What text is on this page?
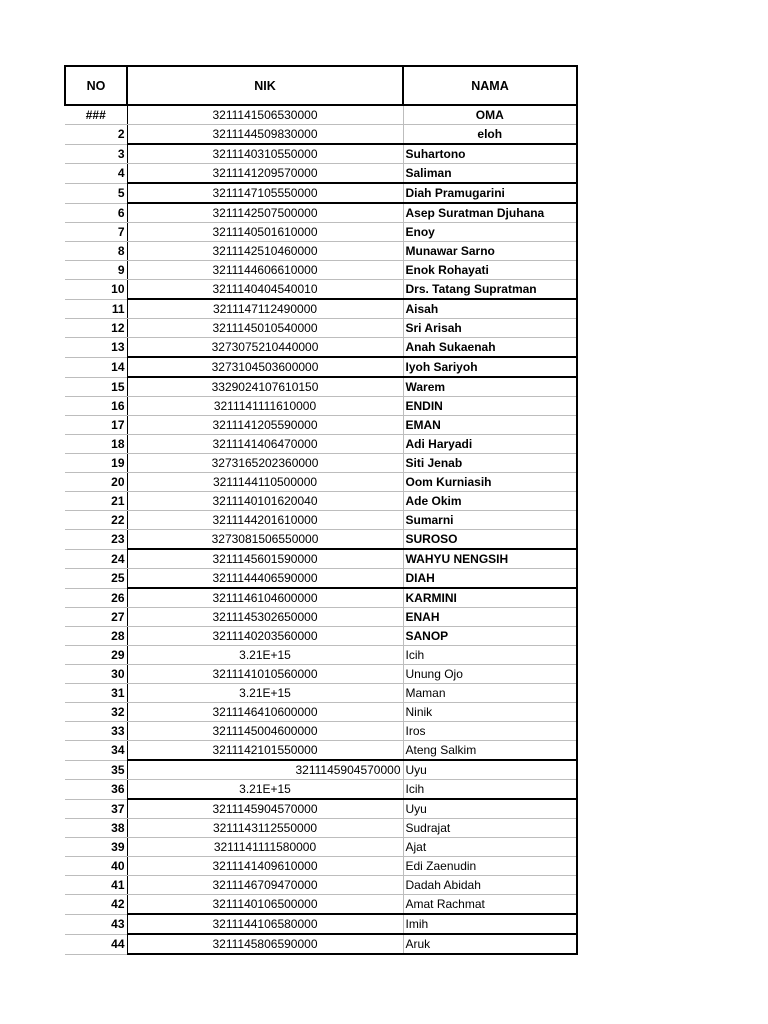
NO	NIK	NAMA
###	3211141506530000	OMA
2	3211144509830000	eloh
3	3211140310550000	Suhartono
4	3211141209570000	Saliman
5	3211147105550000	Diah Pramugarini
6	3211142507500000	Asep Suratman Djuhana
7	3211140501610000	Enoy
8	3211142510460000	Munawar Sarno
9	3211144606610000	Enok Rohayati
10	3211140404540010	Drs. Tatang Supratman
11	3211147112490000	Aisah
12	3211145010540000	Sri Arisah
13	3273075210440000	Anah Sukaenah
14	3273104503600000	Iyoh Sariyoh
15	3329024107610150	Warem
16	3211141111610000	ENDIN
17	3211141205590000	EMAN
18	3211141406470000	Adi Haryadi
19	3273165202360000	Siti Jenab
20	3211144110500000	Oom Kurniasih
21	3211140101620040	Ade Okim
22	3211144201610000	Sumarni
23	3273081506550000	SUROSO
24	3211145601590000	WAHYU NENGSIH
25	3211144406590000	DIAH
26	3211146104600000	KARMINI
27	3211145302650000	ENAH
28	3211140203560000	SANOP
29	3.21E+15	Icih
30	3211141010560000	Unung Ojo
31	3.21E+15	Maman
32	3211146410600000	Ninik
33	3211145004600000	Iros
34	3211142101550000	Ateng Salkim
35	3211145904570000	Uyu
36	3.21E+15	Icih
37	3211145904570000	Uyu
38	3211143112550000	Sudrajat
39	3211141111580000	Ajat
40	3211141409610000	Edi Zaenudin
41	3211146709470000	Dadah Abidah
42	3211140106500000	Amat Rachmat
43	3211144106580000	Imih
44	3211145806590000	Aruk
